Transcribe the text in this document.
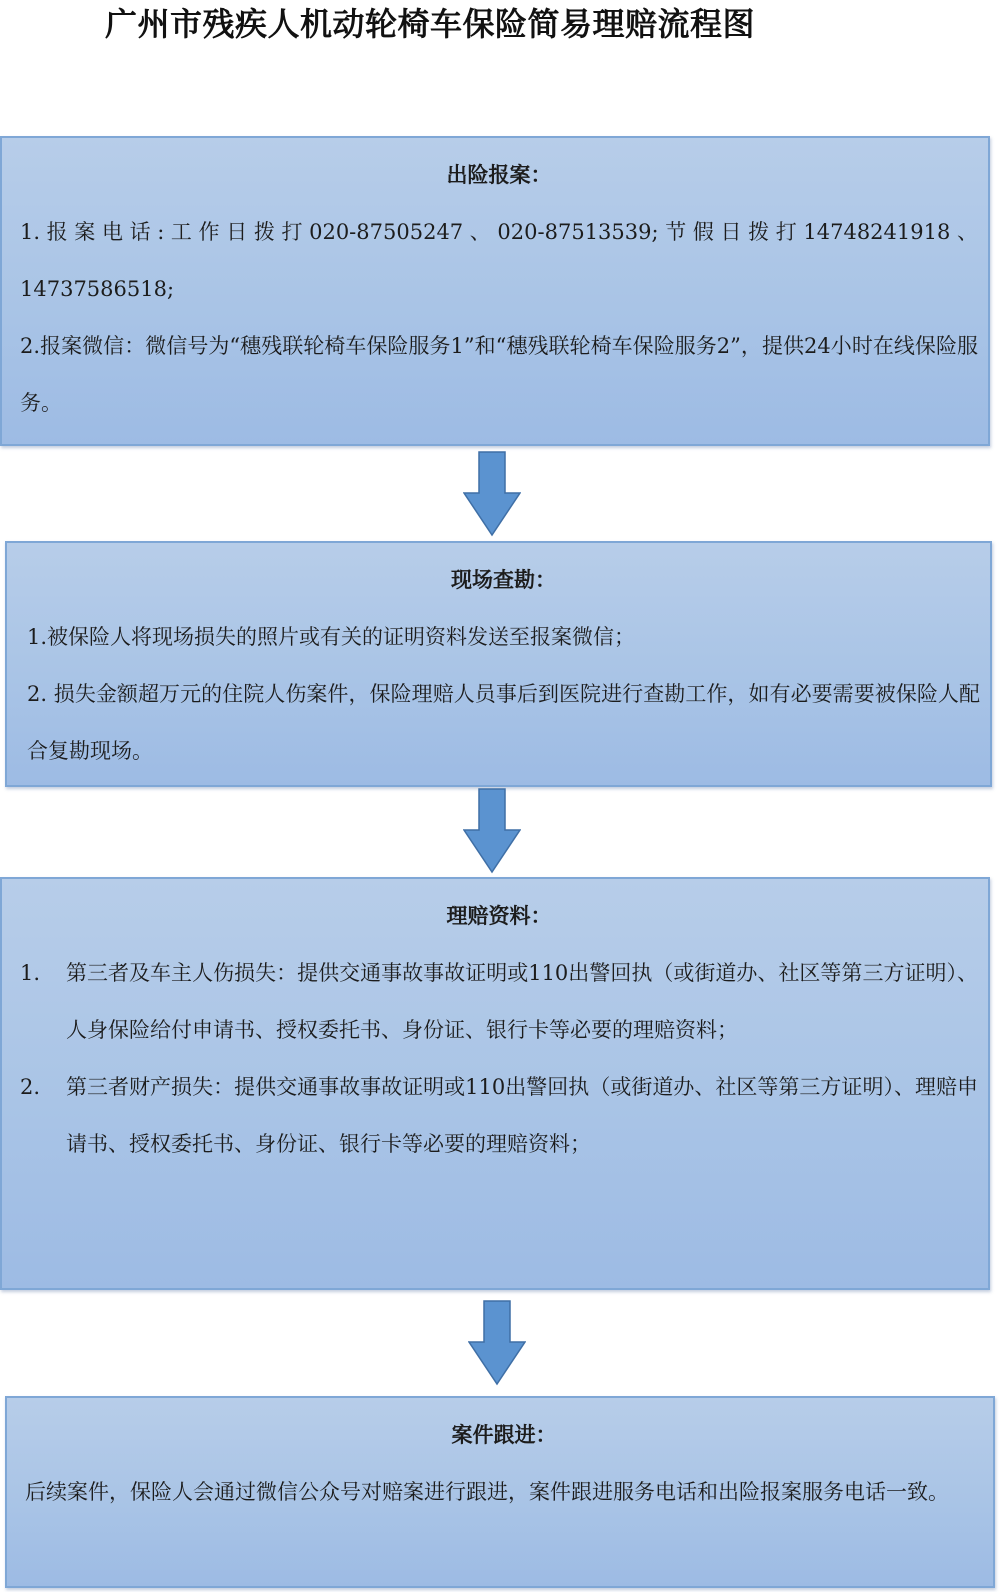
广州市残疾人机动轮椅车保险简易理赔流程图
出险报案：

1.报案电话:工作日拨打020-87505247、020-87513539;节假日拨打14748241918、14737586518;

2.报案微信：微信号为“穗残联轮椅车保险服务1”和“穗残联轮椅车保险服务2”，提供24小时在线保险服务。

现场查勘：

1.被保险人将现场损失的照片或有关的证明资料发送至报案微信；

2. 损失金额超万元的住院人伤案件，保险理赔人员事后到医院进行查勘工作，如有必要需要被保险人配合复勘现场。

理赔资料：

1. 第三者及车主人伤损失：提供交通事故事故证明或110出警回执（或街道办、社区等第三方证明）、人身保险给付申请书、授权委托书、身份证、银行卡等必要的理赔资料；

2. 第三者财产损失：提供交通事故事故证明或110出警回执（或街道办、社区等第三方证明）、理赔申请书、授权委托书、身份证、银行卡等必要的理赔资料；

案件跟进：

后续案件，保险人会通过微信公众号对赔案进行跟进，案件跟进服务电话和出险报案服务电话一致。
